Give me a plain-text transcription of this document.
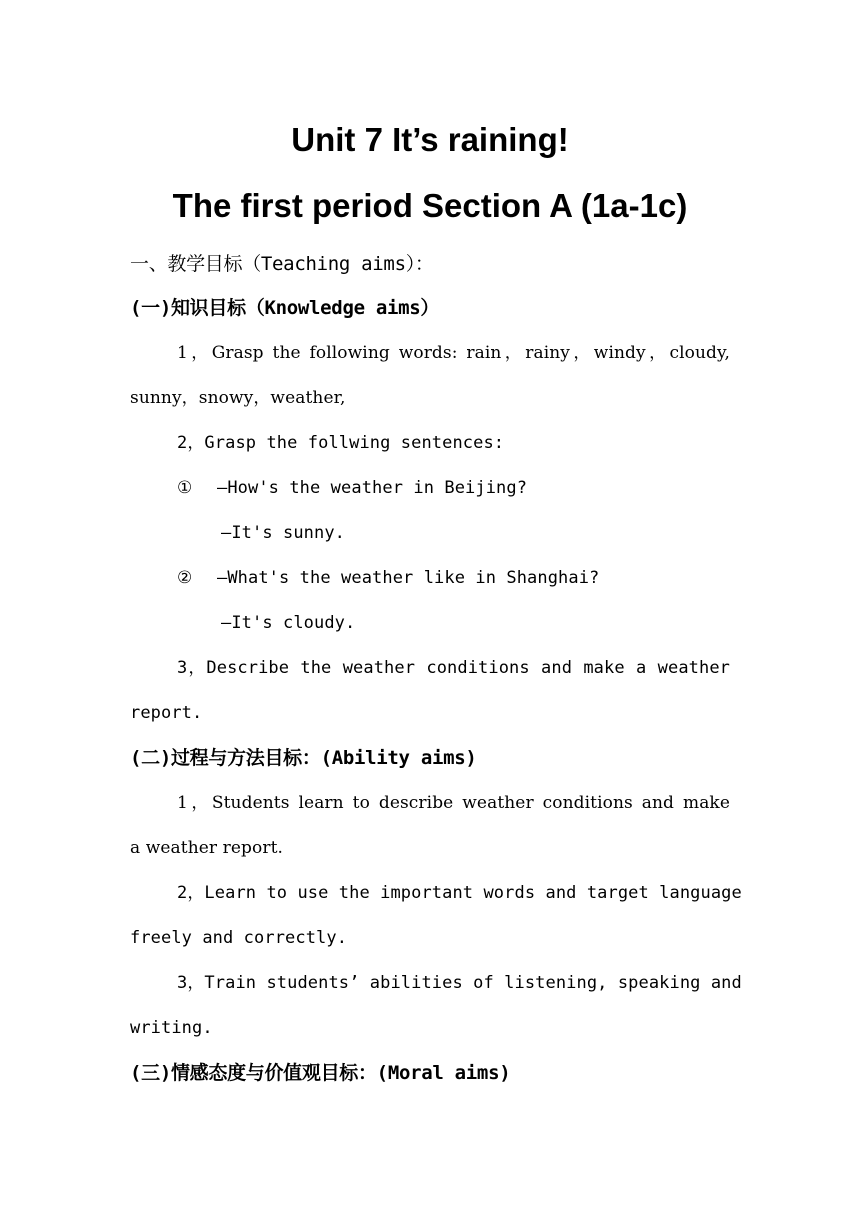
Unit 7 It’s raining!
The first period Section A (1a-1c)
一、教学目标（Teaching aims）：
(一)知识目标（Knowledge aims）
1，Grasp the following words: rain，rainy，windy，cloudy,
sunny，snowy，weather,
2，Grasp the follwing sentences:
① —How's the weather in Beijing?
—It's sunny.
② —What's the weather like in Shanghai?
—It's cloudy.
3，Describe the weather conditions and make a weather
report.
(二)过程与方法目标：(Ability aims)
1，Students learn to describe weather conditions and make
a weather report.
2，Learn to use the important words and target language
freely and correctly.
3，Train students’ abilities of listening, speaking and
writing.
(三)情感态度与价值观目标：(Moral aims)
